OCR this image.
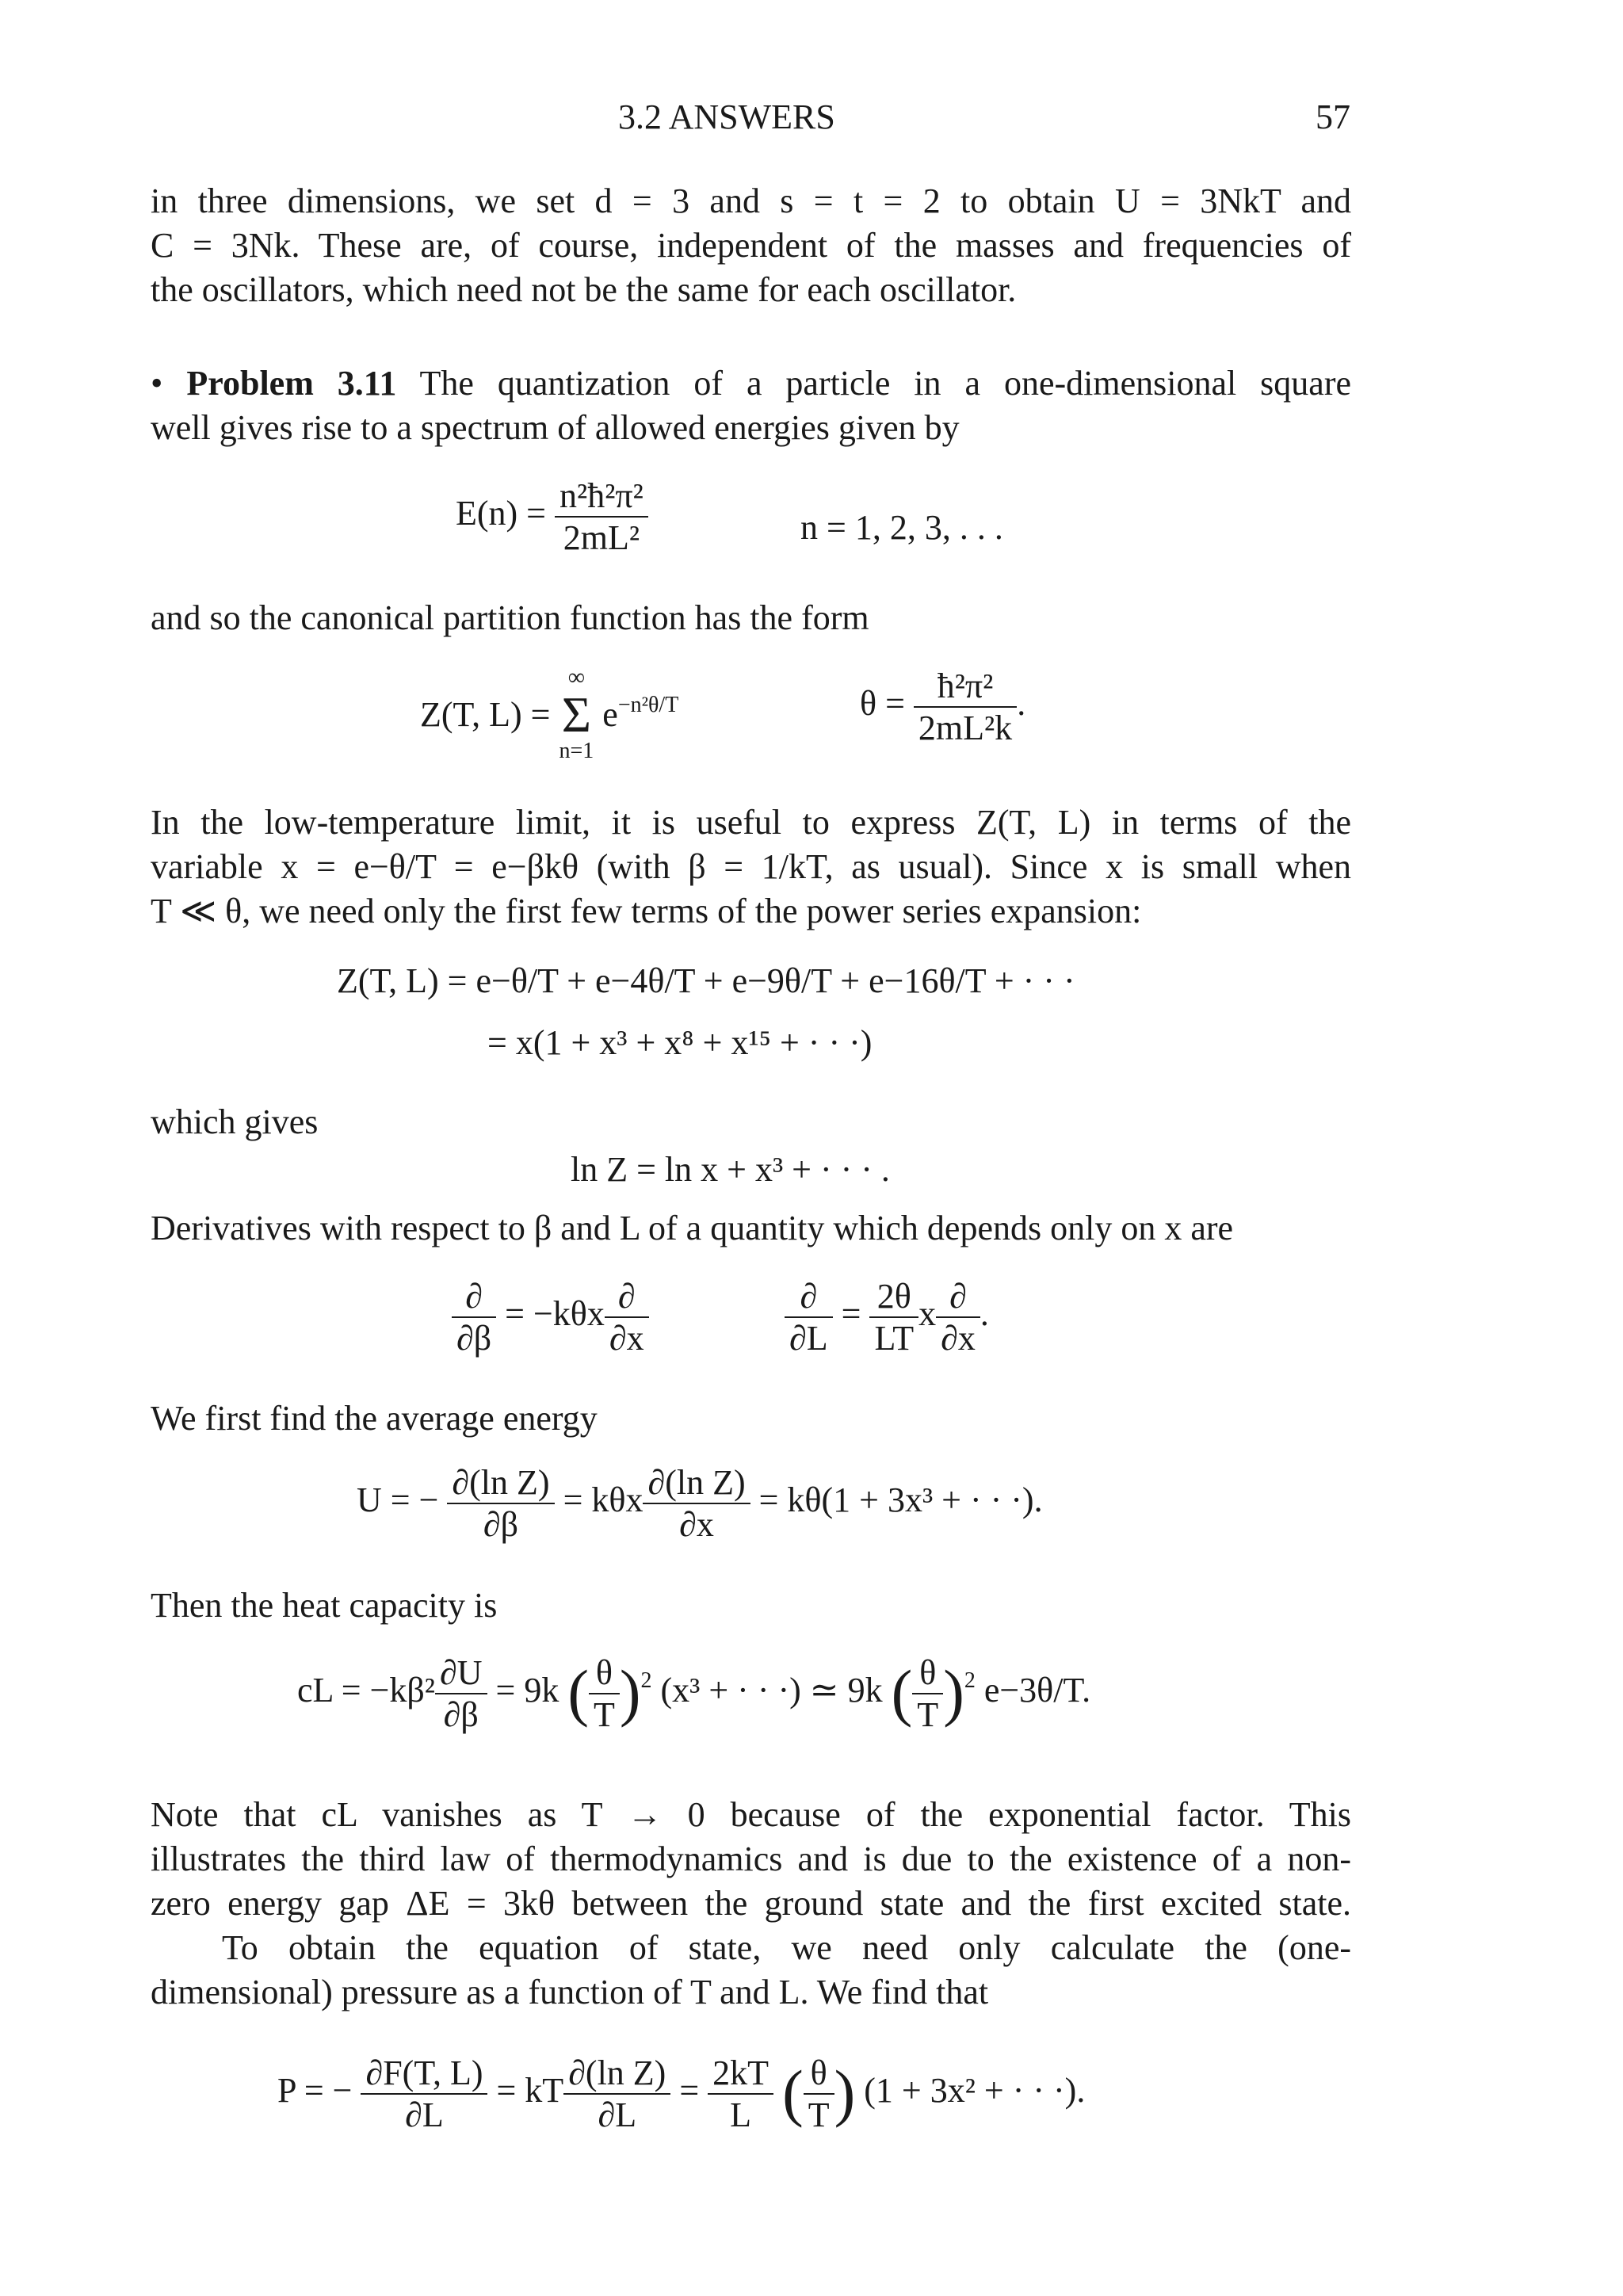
3.2 ANSWERS	57
in three dimensions, we set d = 3 and s = t = 2 to obtain U = 3NkT and
C = 3Nk. These are, of course, independent of the masses and frequencies of
the oscillators, which need not be the same for each oscillator.
• Problem 3.11 The quantization of a particle in a one-dimensional square
well gives rise to a spectrum of allowed energies given by
$E(n) = \frac{\text{n²ħ²π²}}{\text{2mL²}}$	n = 1, 2, 3, . . .
and so the canonical partition function has the form
Z(T, L) =
∞
Σ
n=1
$e^{-n^2\theta/T}$	$\theta = \frac{\text{ħ²π²}}{\text{2mL²k}}$ .
In the low-temperature limit, it is useful to express Z(T, L) in terms of the
variable x = e−θ/T = e−βkθ (with β = 1/kT, as usual). Since x is small when
T ≪ θ, we need only the first few terms of the power series expansion:
Z(T, L) = e−θ/T + e−4θ/T + e−9θ/T + e−16θ/T + · · ·
= x(1 + x³ + x⁸ + x¹⁵ + · · ·)
which gives
ln Z = ln x + x³ + · · · .
Derivatives with respect to β and L of a quantity which depends only on x are
$\frac{\partial}{\partial\beta} = -k\theta x \frac{\partial}{\partial x}$	$\frac{\partial}{\partial L} = \frac{2\theta}{LT}$ x $\frac{\partial}{\partial x}$ .
We first find the average energy
U = − $\frac{\text{∂(ln Z)}}{\partial\beta} = k\theta x \frac{\text{∂(ln Z)}}{\partial x} = k\theta(1 + 3x^3$ + · · ·).
Then the heat capacity is
cL = $-k\beta^2 \frac{\partial U}{\partial\beta} = 9k$ ( $\frac{\theta}{T} )^2$ (x³ + · · ·) ≃ 9k ( $\frac{\theta}{T} )^2$ e−3θ/T.
Note that cL vanishes as T → 0 because of the exponential factor. This
illustrates the third law of thermodynamics and is due to the existence of a non-
zero energy gap ΔE = 3kθ between the ground state and the first excited state.
To obtain the equation of state, we need only calculate the (one-
dimensional) pressure as a function of T and L. We find that
P = − $\frac{\partial F(T, L)}{\partial L}$ = kT $\frac{\text{∂(ln Z)}}{\partial L} = \frac{2kT}{L}$ ( $\frac{\theta}{T}$ ) (1 + 3x² + · · ·).
